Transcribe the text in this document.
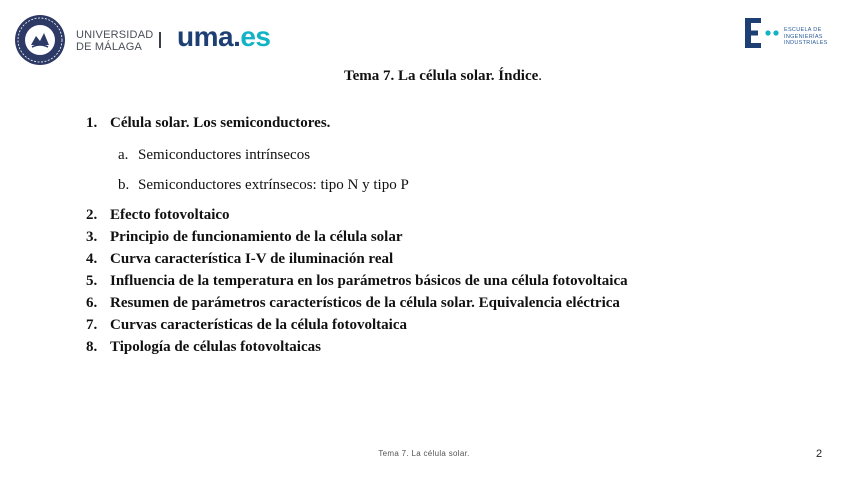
UNIVERSIDAD
DE MÁLAGA	uma.es	ESCUELA DE
INGENIERÍAS
INDUSTRIALES
Tema 7. La célula solar. Índice.
1. Célula solar. Los semiconductores.
a. Semiconductores intrínsecos
b. Semiconductores extrínsecos: tipo N y tipo P
2. Efecto fotovoltaico
3. Principio de funcionamiento de la célula solar
4. Curva característica I-V de iluminación real
5. Influencia de la temperatura en los parámetros básicos de una célula fotovoltaica
6. Resumen de parámetros característicos de la célula solar. Equivalencia eléctrica
7. Curvas características de la célula fotovoltaica
8. Tipología de células fotovoltaicas
Tema 7. La célula solar.	2
